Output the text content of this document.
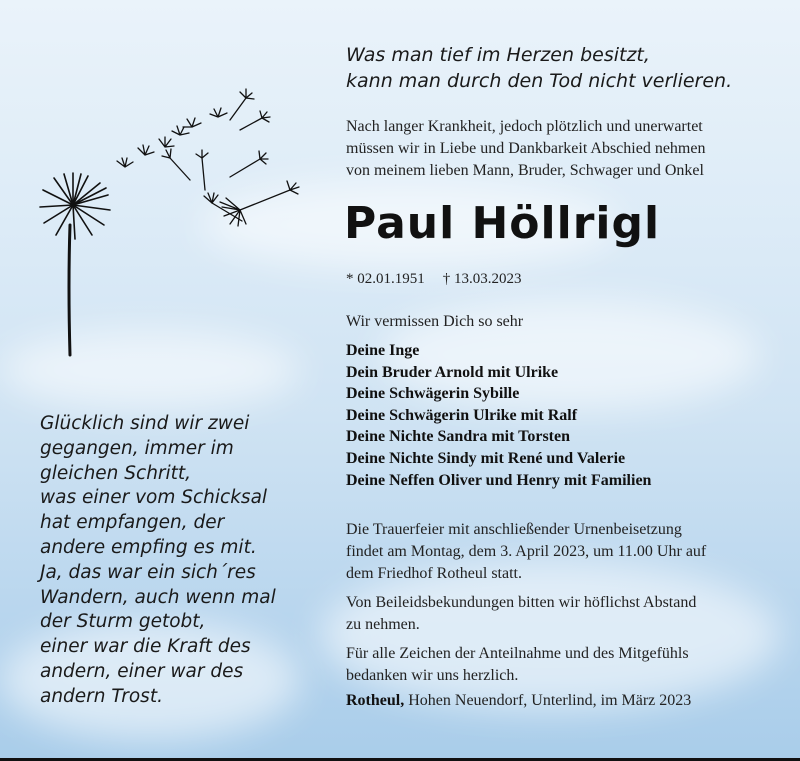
Was man tief im Herzen besitzt,
kann man durch den Tod nicht verlieren.
Nach langer Krankheit, jedoch plötzlich und unerwartet
müssen wir in Liebe und Dankbarkeit Abschied nehmen
von meinem lieben Mann, Bruder, Schwager und Onkel
Paul Höllrigl
* 02.01.1951 † 13.03.2023
Wir vermissen Dich so sehr
Deine Inge
Dein Bruder Arnold mit Ulrike
Deine Schwägerin Sybille
Deine Schwägerin Ulrike mit Ralf
Deine Nichte Sandra mit Torsten
Deine Nichte Sindy mit René und Valerie
Deine Neffen Oliver und Henry mit Familien

Die Trauerfeier mit anschließender Urnenbeisetzung
findet am Montag, dem 3. April 2023, um 11.00 Uhr auf
dem Friedhof Rotheul statt.

Von Beileidsbekundungen bitten wir höflichst Abstand
zu nehmen.

Für alle Zeichen der Anteilnahme und des Mitgefühls
bedanken wir uns herzlich.

Rotheul, Hohen Neuendorf, Unterlind, im März 2023
Glücklich sind wir zwei
gegangen, immer im
gleichen Schritt,
was einer vom Schicksal
hat empfangen, der
andere empfing es mit.
Ja, das war ein sich´res
Wandern, auch wenn mal
der Sturm getobt,
einer war die Kraft des
andern, einer war des
andern Trost.
